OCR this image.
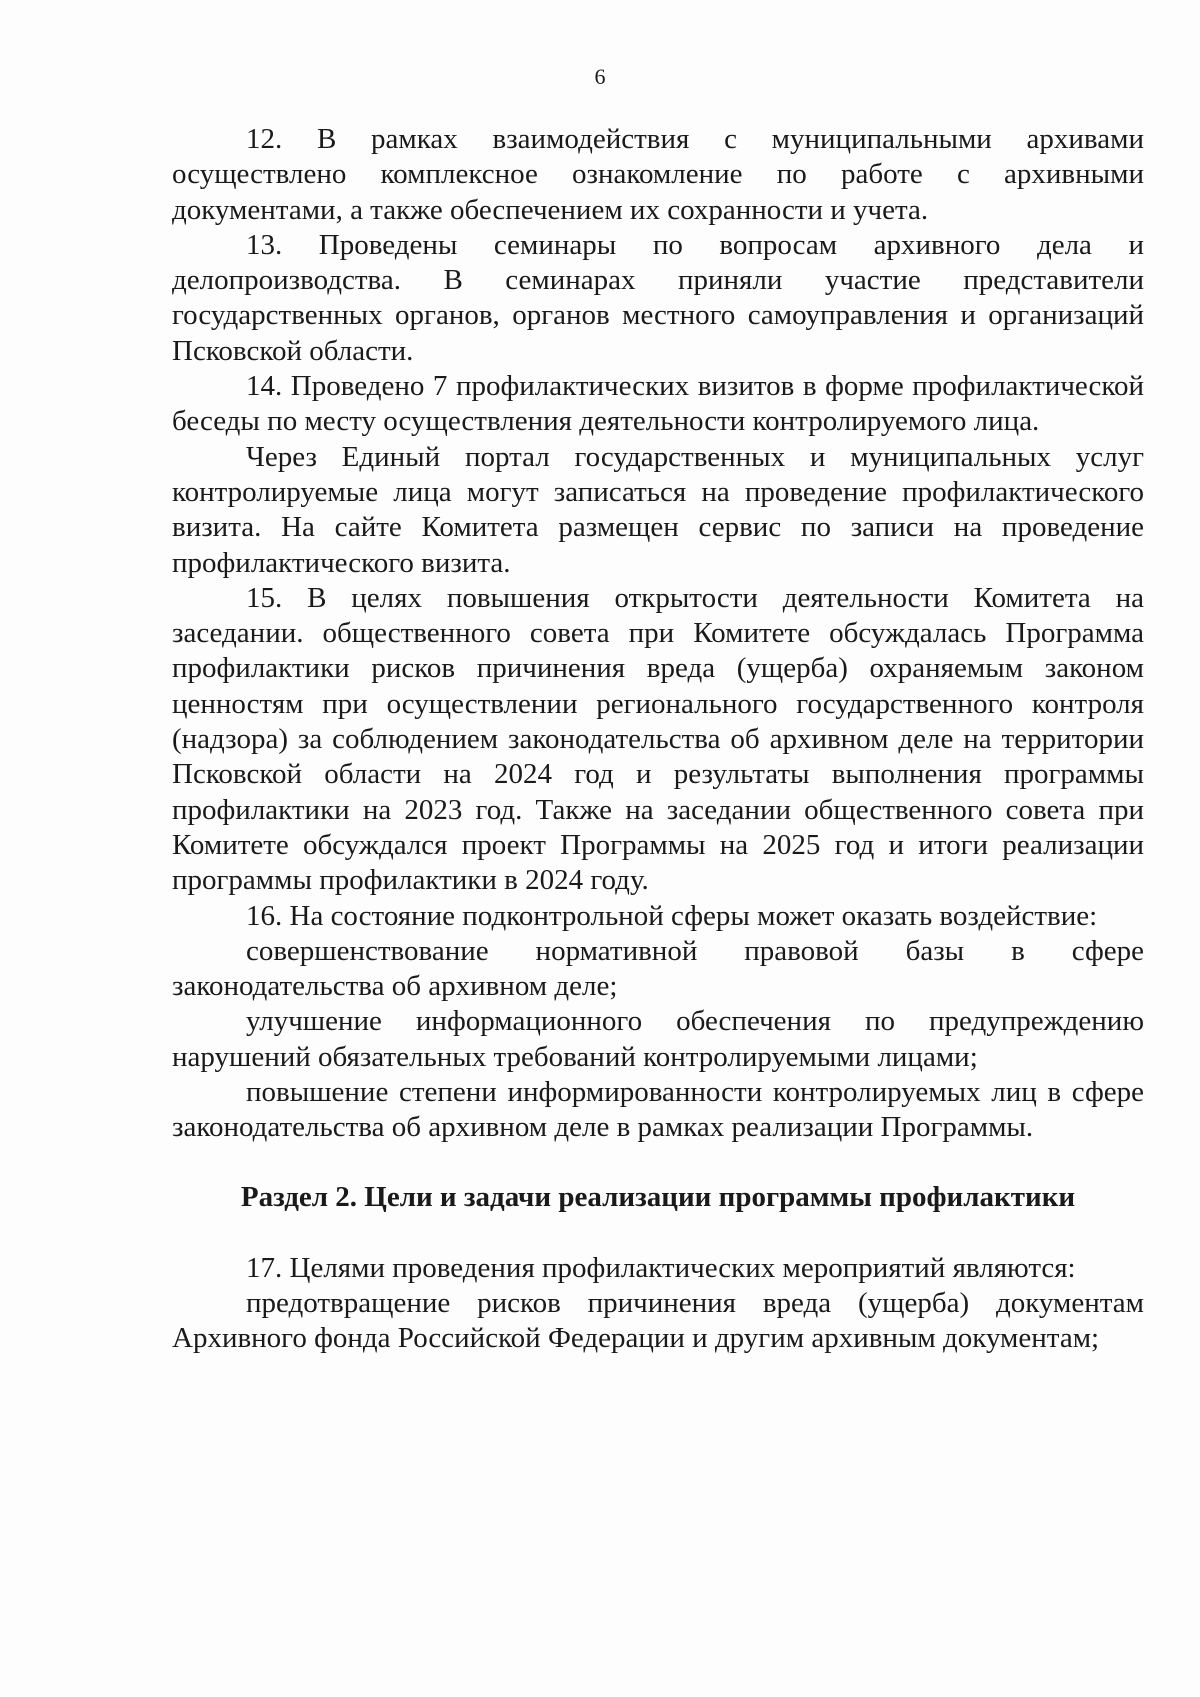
6

12. В рамках взаимодействия с муниципальными архивами осуществлено комплексное ознакомление по работе с архивными документами, а также обеспечением их сохранности и учета.

13. Проведены семинары по вопросам архивного дела и делопроизводства. В семинарах приняли участие представители государственных органов, органов местного самоуправления и организаций Псковской области.

14. Проведено 7 профилактических визитов в форме профилактической беседы по месту осуществления деятельности контролируемого лица.

Через Единый портал государственных и муниципальных услуг контролируемые лица могут записаться на проведение профилактического визита. На сайте Комитета размещен сервис по записи на проведение профилактического визита.

15. В целях повышения открытости деятельности Комитета на заседании. общественного совета при Комитете обсуждалась Программа профилактики рисков причинения вреда (ущерба) охраняемым законом ценностям при осуществлении регионального государственного контроля (надзора) за соблюдением законодательства об архивном деле на территории Псковской области на 2024 год и результаты выполнения программы профилактики на 2023 год. Также на заседании общественного совета при Комитете обсуждался проект Программы на 2025 год и итоги реализации программы профилактики в 2024 году.

16. На состояние подконтрольной сферы может оказать воздействие:

совершенствование нормативной правовой базы в сфере законодательства об архивном деле;

улучшение информационного обеспечения по предупреждению нарушений обязательных требований контролируемыми лицами;

повышение степени информированности контролируемых лиц в сфере законодательства об архивном деле в рамках реализации Программы.

Раздел 2. Цели и задачи реализации программы профилактики

17. Целями проведения профилактических мероприятий являются:

предотвращение рисков причинения вреда (ущерба) документам Архивного фонда Российской Федерации и другим архивным документам;
